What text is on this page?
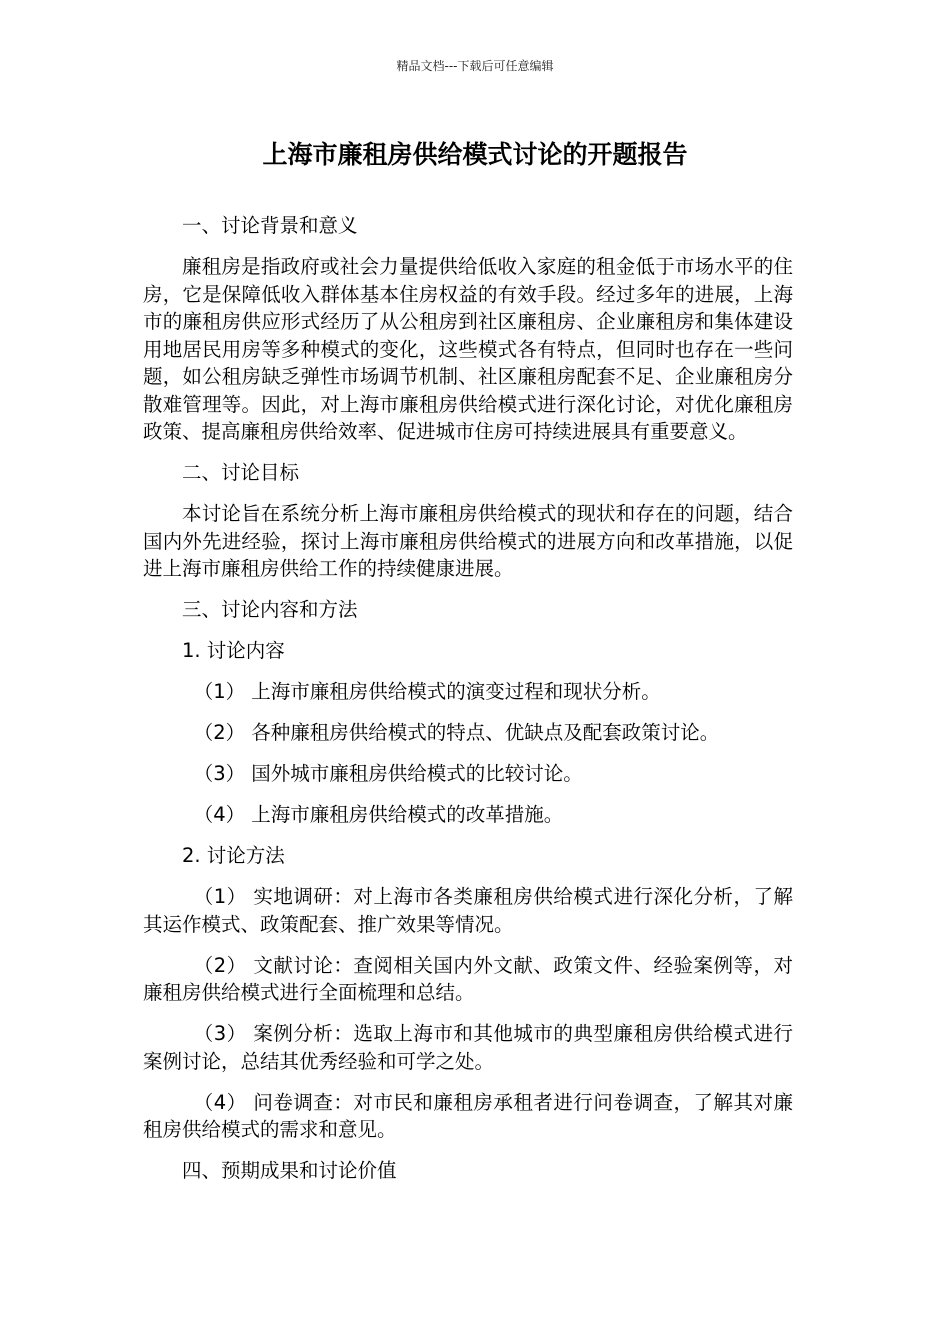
精品文档---下载后可任意编辑
上海市廉租房供给模式讨论的开题报告

一、讨论背景和意义

廉租房是指政府或社会力量提供给低收入家庭的租金低于市场水平的住房，它是保障低收入群体基本住房权益的有效手段。经过多年的进展，上海市的廉租房供应形式经历了从公租房到社区廉租房、企业廉租房和集体建设用地居民用房等多种模式的变化，这些模式各有特点，但同时也存在一些问题，如公租房缺乏弹性市场调节机制、社区廉租房配套不足、企业廉租房分散难管理等。因此，对上海市廉租房供给模式进行深化讨论，对优化廉租房政策、提高廉租房供给效率、促进城市住房可持续进展具有重要意义。

二、讨论目标

本讨论旨在系统分析上海市廉租房供给模式的现状和存在的问题，结合国内外先进经验，探讨上海市廉租房供给模式的进展方向和改革措施，以促进上海市廉租房供给工作的持续健康进展。

三、讨论内容和方法

1. 讨论内容

（1） 上海市廉租房供给模式的演变过程和现状分析。

（2） 各种廉租房供给模式的特点、优缺点及配套政策讨论。

（3） 国外城市廉租房供给模式的比较讨论。

（4） 上海市廉租房供给模式的改革措施。

2. 讨论方法

（1） 实地调研：对上海市各类廉租房供给模式进行深化分析，了解其运作模式、政策配套、推广效果等情况。

（2） 文献讨论：查阅相关国内外文献、政策文件、经验案例等，对廉租房供给模式进行全面梳理和总结。

（3） 案例分析：选取上海市和其他城市的典型廉租房供给模式进行案例讨论，总结其优秀经验和可学之处。

（4） 问卷调查：对市民和廉租房承租者进行问卷调查，了解其对廉租房供给模式的需求和意见。

四、预期成果和讨论价值
